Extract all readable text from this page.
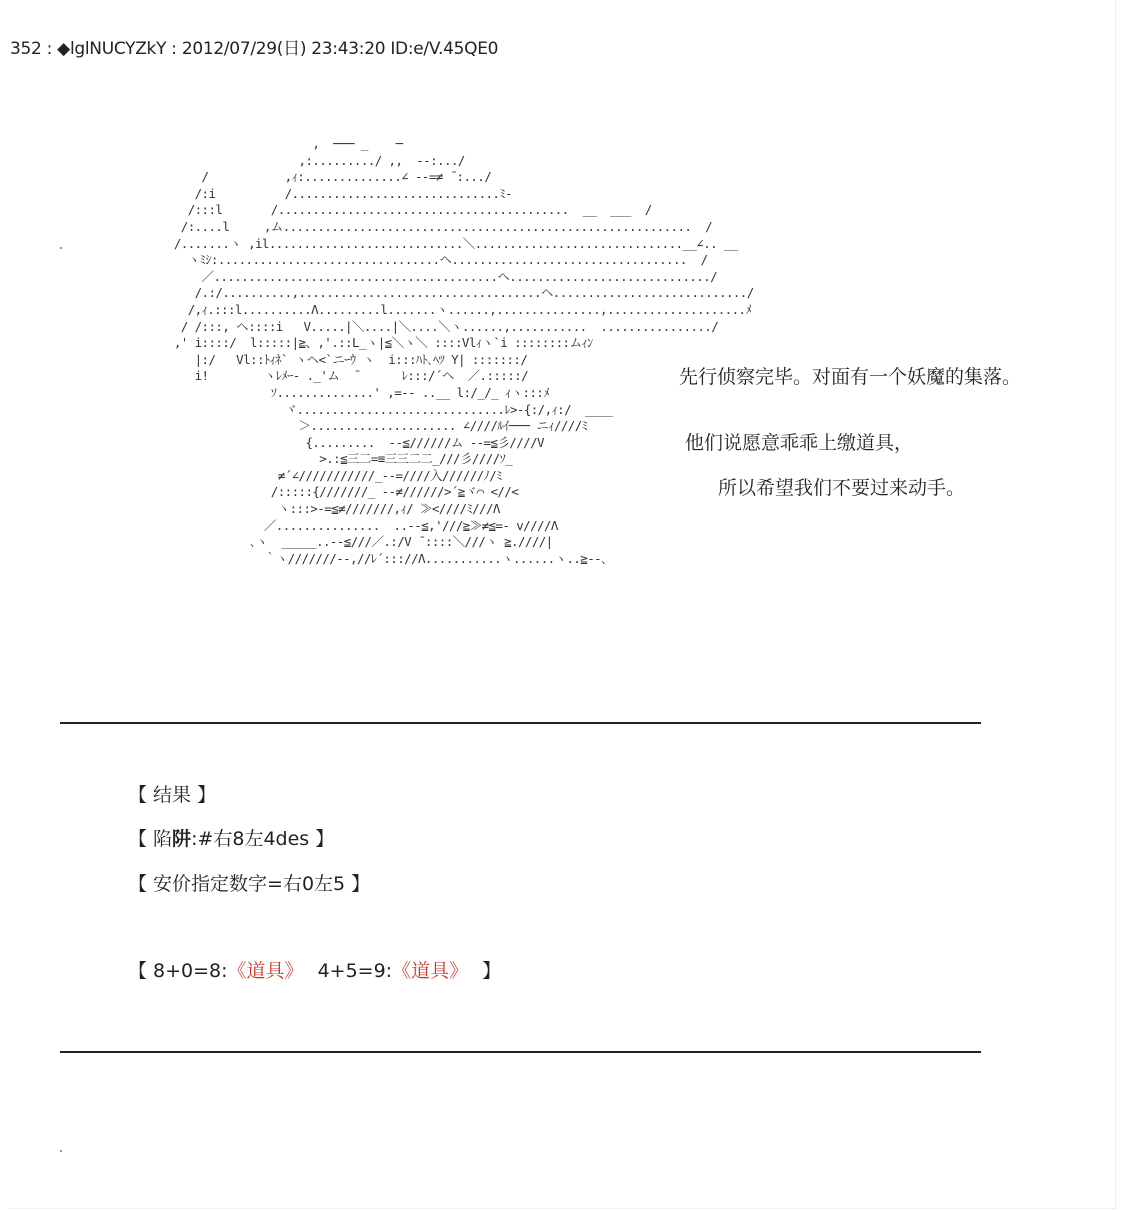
352 : ◆lglNUCYZkY : 2012/07/29(日) 23:43:20 ID:e/V.45QE0
,  ─── _    ─
,:........./ ,,  -‐:.../
/           ,ｨ:..............∠ --=≠ ̄ :.../
/:i          /..............................ﾐ-
/:::l       /..........................................  __  ___  /
/:....l     ,ム...........................................................  /
/.......ヽ ,il............................＼..............................__∠.. __
ヽﾐｼ:................................ヘ..................................  /
／.........................................ヘ............................./
/.:/..........,...................................ヘ............................/
/,ｨ.:::l..........Λ.........l.......ヽ......,...............,....................ﾒ
/ /:::, ヘ::::i   V.....|＼....|＼....＼ヽ......,...........  ................/
,' i::::/  l:::::|≧、,'.::L_ヽ|≦＼ヽ＼ ::::Vlｨヽ`i ::::::::ムｨﾝ
|:/   Vl::ﾄｨﾈ` ヽヘ<`ニｰｳ ヽ  i:::ﾊﾄ､ﾍﾂ Y| :::::::/
i!        ヽﾚﾒｰ- ._'ム  ̄       ﾚ:::/´ヘ  ／.:::::/
ｿ..............' ,=-- ..__ l:/_/_ ｨヽ:::ﾒ
ヾ..............................ﾚ>-{:/,ｨ:/  ____
＞..................... ∠////ﾙｲ─── ニｨ////ﾐ
{.........  --≦//////ム --=≦彡////V
>.:≦三二=≡三三二二_///彡////ｿ_
≠´∠///////////_--=////入//////ﾉ/ﾐ
/:::::{///////_ --≠//////>´≧ヾ⌒ <//<
ヽ:::>-=≦≠///////,ｨ/ ≫<////ﾐ///Λ
／...............  ..--≦,'///≧≫≠≦=- v////Λ
､ヽ  _____..--≦///／.:/V ̄ ::::＼///ヽ ≧.////|
｀ヽ///////-‐,//ﾚ´::://Λ...........ヽ......ヽ..≧--､
先行侦察完毕。对面有一个妖魔的集落。
他们说愿意乖乖上缴道具，
所以希望我们不要过来动手。
【 结果 】
【 陷阱:#右8左4des 】
【 安价指定数字=右0左5 】
【 8+0=8:《道具》 4+5=9:《道具》 】
